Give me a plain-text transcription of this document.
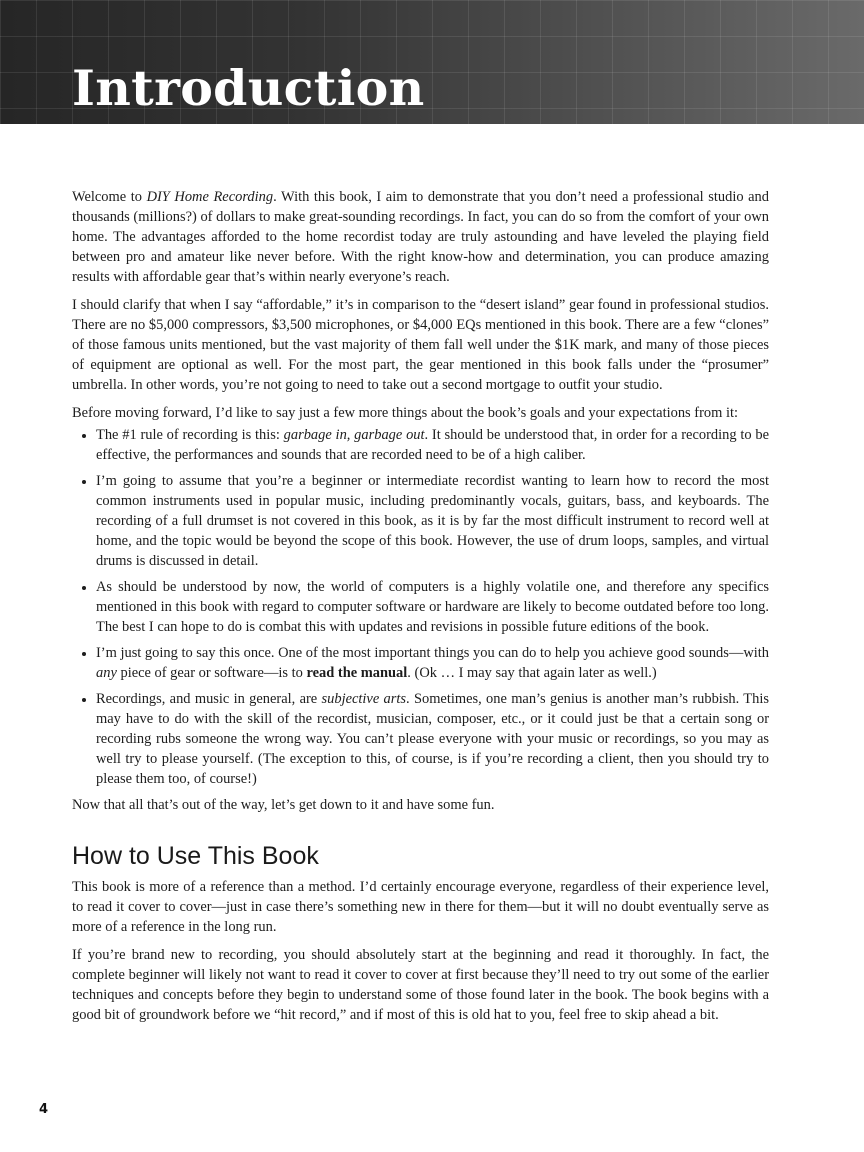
Introduction

Welcome to DIY Home Recording. With this book, I aim to demonstrate that you don’t need a professional studio and thousands (millions?) of dollars to make great-sounding recordings. In fact, you can do so from the comfort of your own home. The advantages afforded to the home recordist today are truly astounding and have leveled the playing field between pro and amateur like never before. With the right know-how and determination, you can produce amazing results with affordable gear that’s within nearly everyone’s reach.

I should clarify that when I say “affordable,” it’s in comparison to the “desert island” gear found in professional studios. There are no $5,000 compressors, $3,500 microphones, or $4,000 EQs mentioned in this book. There are a few “clones” of those famous units mentioned, but the vast majority of them fall well under the $1K mark, and many of those pieces of equipment are optional as well. For the most part, the gear mentioned in this book falls under the “prosumer” umbrella. In other words, you’re not going to need to take out a second mortgage to outfit your studio.

Before moving forward, I’d like to say just a few more things about the book’s goals and your expectations from it:

• The #1 rule of recording is this: garbage in, garbage out. It should be understood that, in order for a recording to be effective, the performances and sounds that are recorded need to be of a high caliber.
• I’m going to assume that you’re a beginner or intermediate recordist wanting to learn how to record the most common instruments used in popular music, including predominantly vocals, guitars, bass, and keyboards. The recording of a full drumset is not covered in this book, as it is by far the most difficult instrument to record well at home, and the topic would be beyond the scope of this book. However, the use of drum loops, samples, and virtual drums is discussed in detail.
• As should be understood by now, the world of computers is a highly volatile one, and therefore any specifics mentioned in this book with regard to computer software or hardware are likely to become outdated before too long. The best I can hope to do is combat this with updates and revisions in possible future editions of the book.
• I’m just going to say this once. One of the most important things you can do to help you achieve good sounds—with any piece of gear or software—is to read the manual. (Ok … I may say that again later as well.)
• Recordings, and music in general, are subjective arts. Sometimes, one man’s genius is another man’s rubbish. This may have to do with the skill of the recordist, musician, composer, etc., or it could just be that a certain song or recording rubs someone the wrong way. You can’t please everyone with your music or recordings, so you may as well try to please yourself. (The exception to this, of course, is if you’re recording a client, then you should try to please them too, of course!)

Now that all that’s out of the way, let’s get down to it and have some fun.

How to Use This Book

This book is more of a reference than a method. I’d certainly encourage everyone, regardless of their experience level, to read it cover to cover—just in case there’s something new in there for them—but it will no doubt eventually serve as more of a reference in the long run.

If you’re brand new to recording, you should absolutely start at the beginning and read it thoroughly. In fact, the complete beginner will likely not want to read it cover to cover at first because they’ll need to try out some of the earlier techniques and concepts before they begin to understand some of those found later in the book. The book begins with a good bit of groundwork before we “hit record,” and if most of this is old hat to you, feel free to skip ahead a bit.

4
